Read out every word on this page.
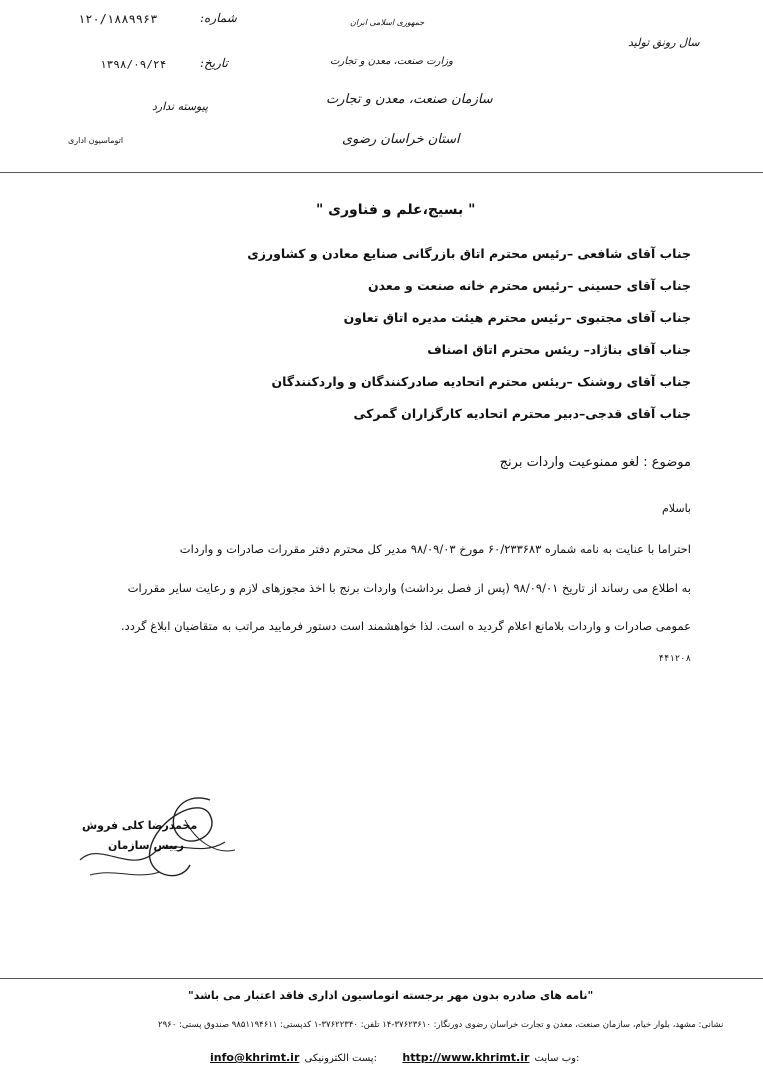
۱۲۰/۱۸۸۹۹۶۳	شماره:
۱۳۹۸/۰۹/۲۴	تاریخ:
پیوسته ندارد
اتوماسیون اداری
جمهوری اسلامی ایران
وزارت صنعت، معدن و تجارت
سازمان صنعت، معدن و تجارت
استان خراسان رضوی
سال رونق تولید
" بسیج،علم و فناوری "
جناب آقای شافعی –رئیس محترم اتاق بازرگانی صنایع معادن و کشاورزی
جناب آقای حسینی –رئیس محترم خانه صنعت و معدن
جناب آقای مجتبوی –رئیس محترم هیئت مدیره اتاق تعاون
جناب آقای بناژاد– ریئس محترم اتاق اصناف
جناب آقای روشنک –ریئس محترم اتحادیه صادرکنندگان و واردکنندگان
جناب آقای قدجی–دبیر محترم اتحادیه کارگزاران گمرکی
موضوع : لغو ممنوعیت واردات برنج
باسلام
احتراما با عنایت به نامه شماره ۶۰/۲۳۳۶۸۳ مورخ ۹۸/۰۹/۰۳ مدیر کل محترم دفتر مقررات صادرات و واردات
به اطلاع می رساند از تاریخ ۹۸/۰۹/۰۱ (پس از فصل برداشت) واردات برنج با اخذ مجوزهای لازم و رعایت سایر مقررات
عمومی صادرات و واردات بلامانع اعلام گردید ه است. لذا خواهشمند است دستور فرمایید مراتب به متقاضیان ابلاغ گردد.
۴۴۱۲۰۸
محمدرضا کلی فروش
رییس سازمان
"نامه های صادره بدون مهر برجسته اتوماسیون اداری فاقد اعتبار می باشد"
نشانی: مشهد، بلوار خیام، سازمان صنعت، معدن و تجارت خراسان رضوی دورنگار: ۳۷۶۲۳۶۱۰-۱۴ تلفن: ۳۷۶۲۲۳۴۰-۱ کدپستی: ۹۸۵۱۱۹۴۶۱۱ صندوق پستی: ۲۹۶۰
info@khrimt.ir پست الکترونیکی: http://www.khrimt.ir وب سایت:
